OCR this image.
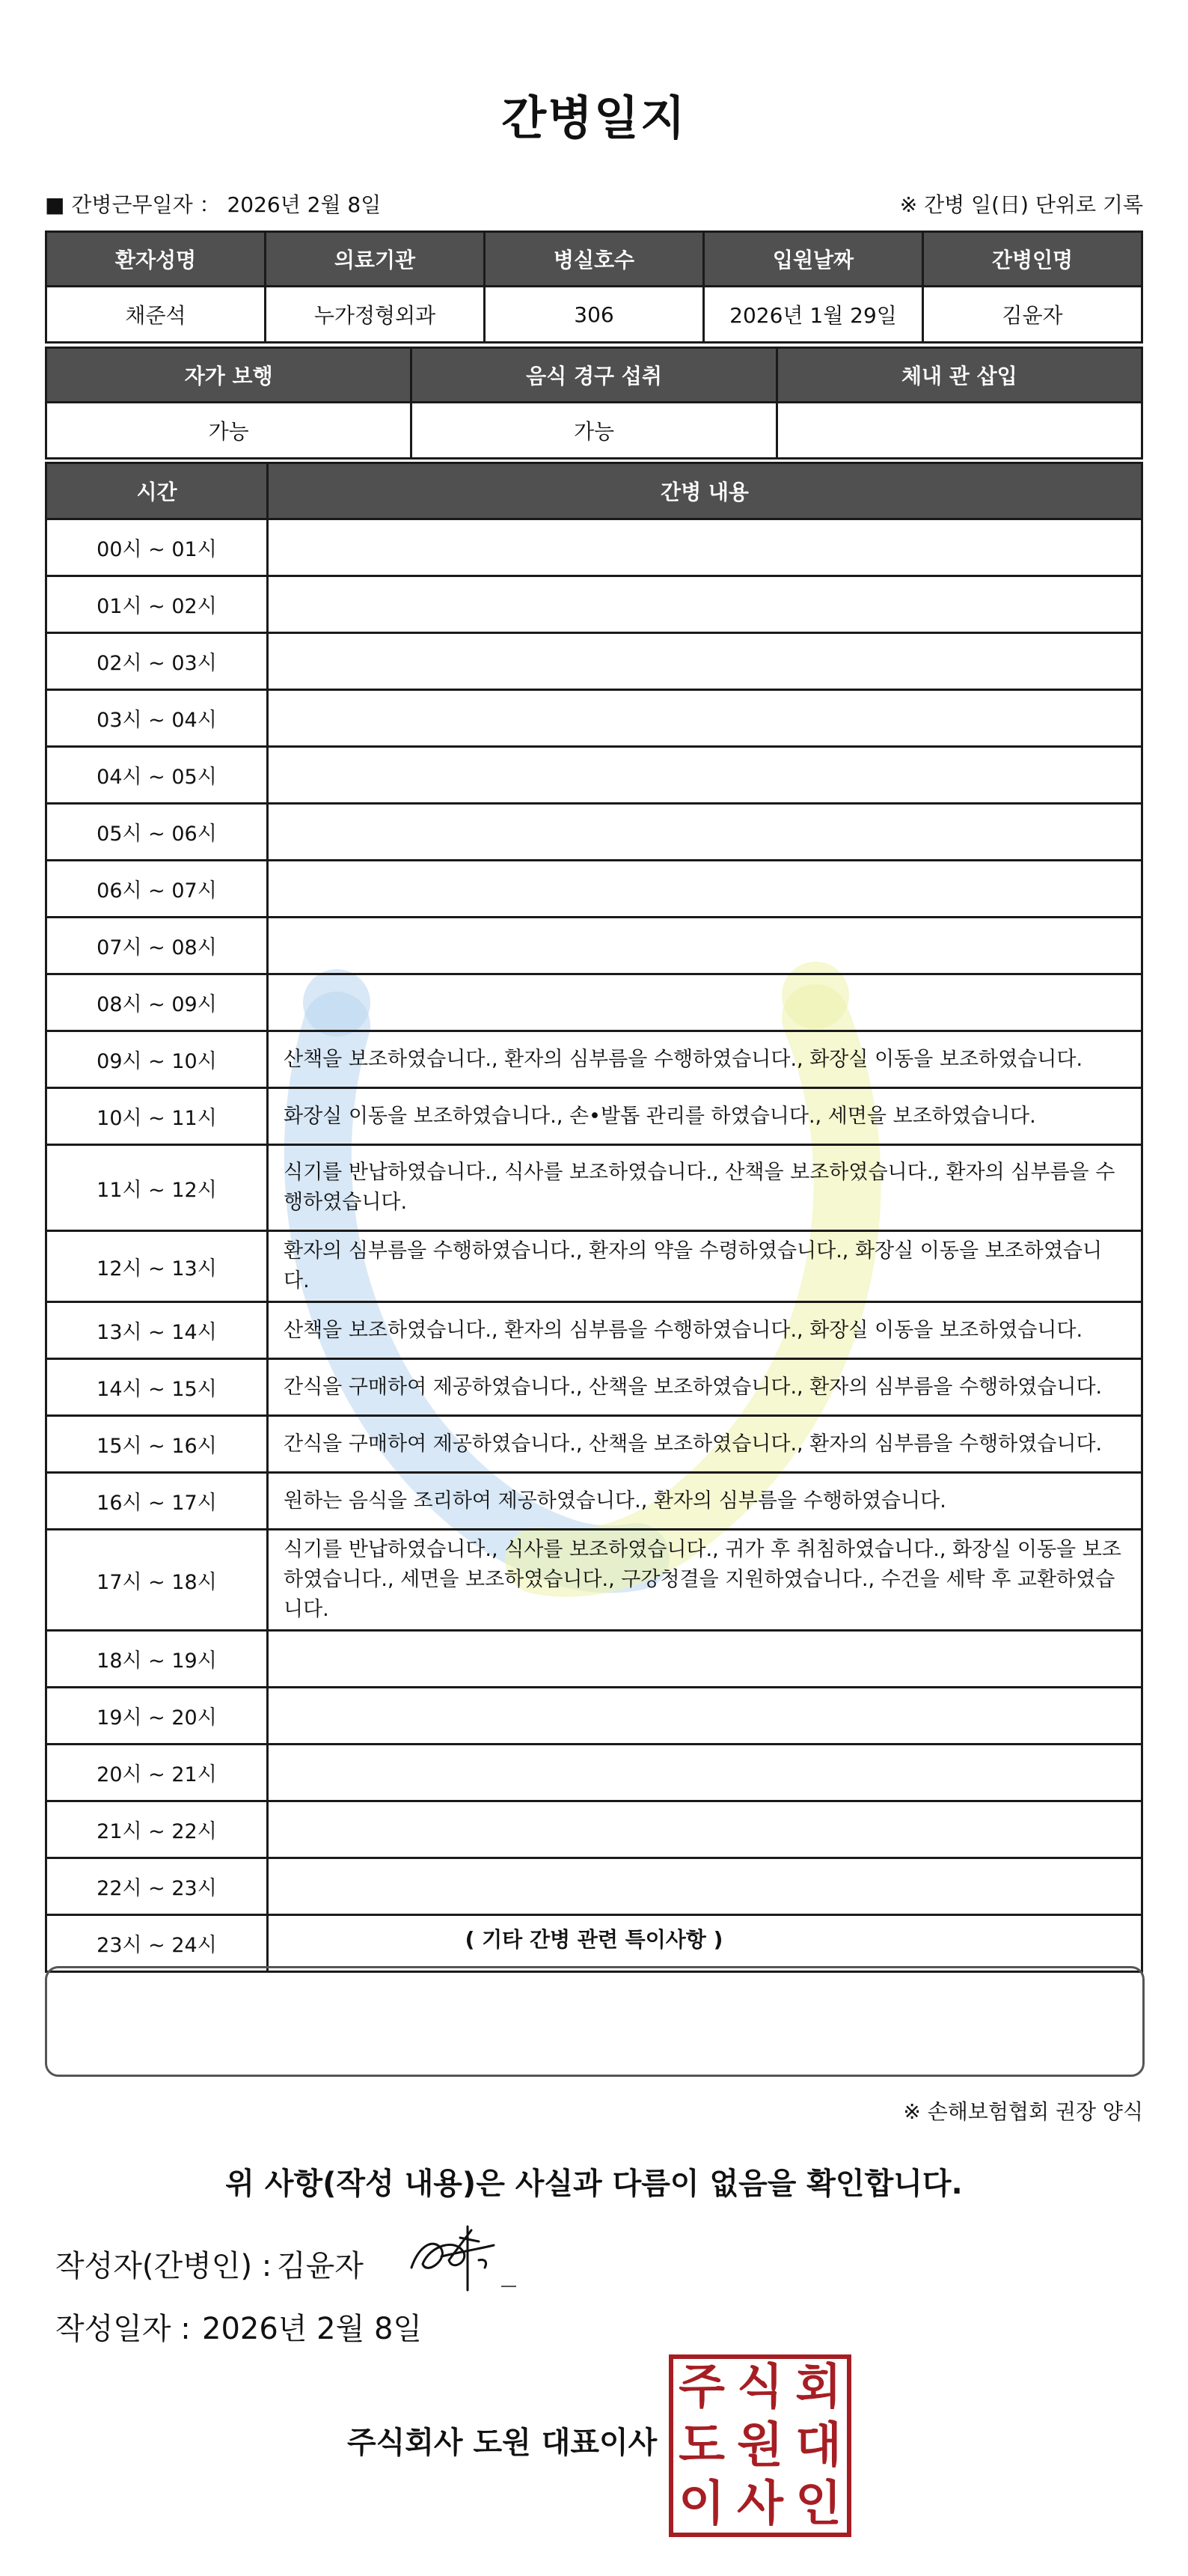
간병일지
■ 간병근무일자 ： 2026년 2월 8일	※ 간병 일(日) 단위로 기록
환자성명	의료기관	병실호수	입원날짜	간병인명
채준석	누가정형외과	306	2026년 1월 29일	김윤자
자가 보행	음식 경구 섭취	체내 관 삽입
가능	가능	
시간	간병 내용
00시 ~ 01시	
01시 ~ 02시	
02시 ~ 03시	
03시 ~ 04시	
04시 ~ 05시	
05시 ~ 06시	
06시 ~ 07시	
07시 ~ 08시	
08시 ~ 09시	
09시 ~ 10시	산책을 보조하였습니다., 환자의 심부름을 수행하였습니다., 화장실 이동을 보조하였습니다.
10시 ~ 11시	화장실 이동을 보조하였습니다., 손•발톱 관리를 하였습니다., 세면을 보조하였습니다.
11시 ~ 12시	식기를 반납하였습니다., 식사를 보조하였습니다., 산책을 보조하였습니다., 환자의 심부름을 수행하였습니다.
12시 ~ 13시	환자의 심부름을 수행하였습니다., 환자의 약을 수령하였습니다., 화장실 이동을 보조하였습니다.
13시 ~ 14시	산책을 보조하였습니다., 환자의 심부름을 수행하였습니다., 화장실 이동을 보조하였습니다.
14시 ~ 15시	간식을 구매하여 제공하였습니다., 산책을 보조하였습니다., 환자의 심부름을 수행하였습니다.
15시 ~ 16시	간식을 구매하여 제공하였습니다., 산책을 보조하였습니다., 환자의 심부름을 수행하였습니다.
16시 ~ 17시	원하는 음식을 조리하여 제공하였습니다., 환자의 심부름을 수행하였습니다.
17시 ~ 18시	식기를 반납하였습니다., 식사를 보조하였습니다., 귀가 후 취침하였습니다., 화장실 이동을 보조하였습니다., 세면을 보조하였습니다., 구강청결을 지원하였습니다., 수건을 세탁 후 교환하였습니다.
18시 ~ 19시	
19시 ~ 20시	
20시 ~ 21시	
21시 ~ 22시	
22시 ~ 23시	
23시 ~ 24시		( 기타 간병 관련 특이사항 )
※ 손해보험협회 권장 양식
위 사항(작성 내용)은 사실과 다름이 없음을 확인합니다.
작성자(간병인) : 김윤자
작성일자 : 2026년 2월 8일
주식회사 도원 대표이사
주 식 회
도 원 대
이 사 인
